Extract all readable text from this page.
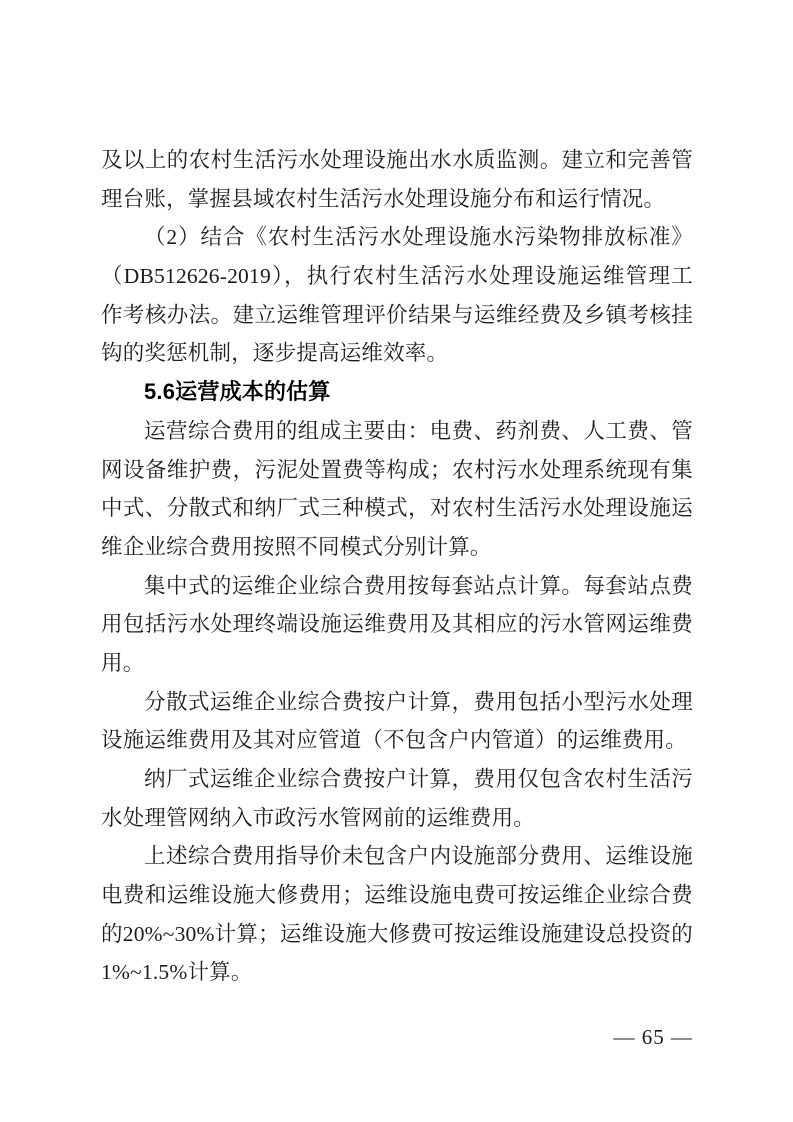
及以上的农村生活污水处理设施出水水质监测。建立和完善管
理台账，掌握县域农村生活污水处理设施分布和运行情况。
（2）结合《农村生活污水处理设施水污染物排放标准》
（DB512626-2019），执行农村生活污水处理设施运维管理工
作考核办法。建立运维管理评价结果与运维经费及乡镇考核挂
钩的奖惩机制，逐步提高运维效率。
5.6运营成本的估算
运营综合费用的组成主要由：电费、药剂费、人工费、管
网设备维护费，污泥处置费等构成；农村污水处理系统现有集
中式、分散式和纳厂式三种模式，对农村生活污水处理设施运
维企业综合费用按照不同模式分别计算。
集中式的运维企业综合费用按每套站点计算。每套站点费
用包括污水处理终端设施运维费用及其相应的污水管网运维费
用。
分散式运维企业综合费按户计算，费用包括小型污水处理
设施运维费用及其对应管道（不包含户内管道）的运维费用。
纳厂式运维企业综合费按户计算，费用仅包含农村生活污
水处理管网纳入市政污水管网前的运维费用。
上述综合费用指导价未包含户内设施部分费用、运维设施
电费和运维设施大修费用；运维设施电费可按运维企业综合费
的20%~30%计算；运维设施大修费可按运维设施建设总投资的
1%~1.5%计算。
— 65 —
